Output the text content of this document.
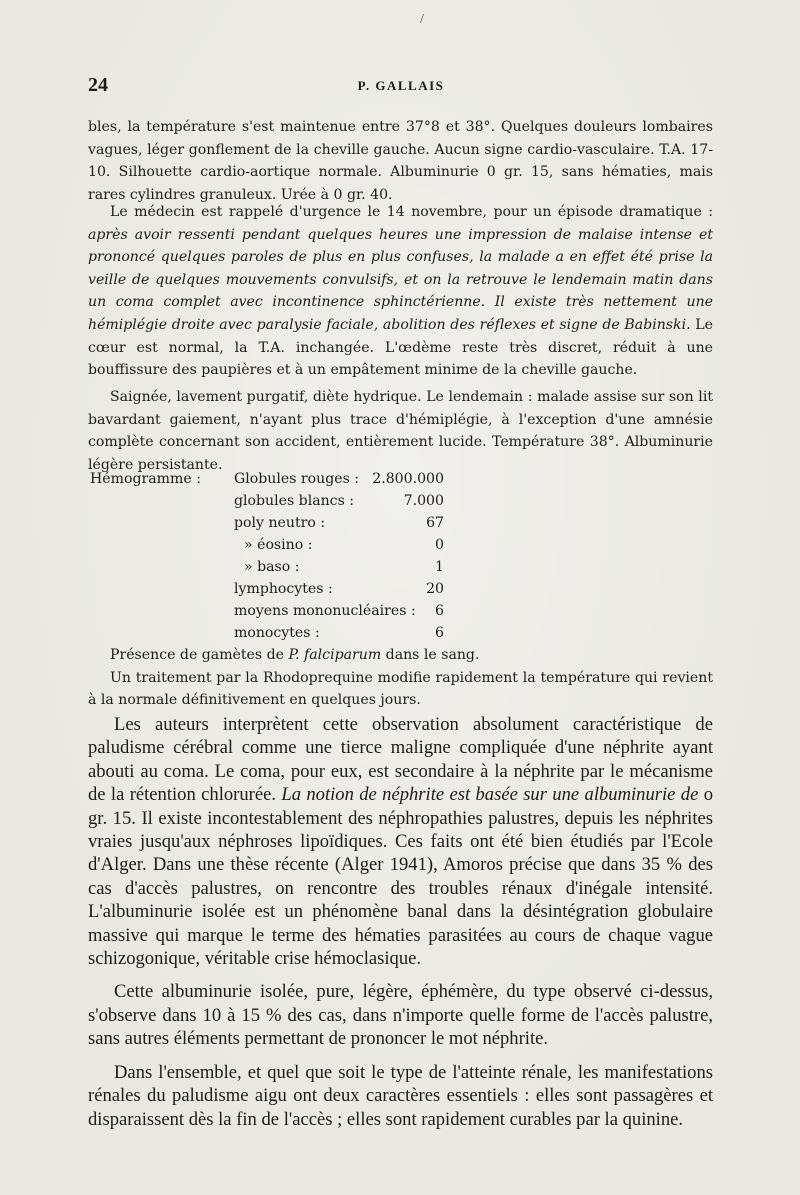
/
24	P. GALLAIS

bles, la température s'est maintenue entre 37°8 et 38°. Quelques douleurs lombaires vagues, léger gonflement de la cheville gauche. Aucun signe cardio-vasculaire. T.A. 17-10. Silhouette cardio-aortique normale. Albuminurie 0 gr. 15, sans hématies, mais rares cylindres granuleux. Urée à 0 gr. 40.

Le médecin est rappelé d'urgence le 14 novembre, pour un épisode dramatique : après avoir ressenti pendant quelques heures une impression de malaise intense et prononcé quelques paroles de plus en plus confuses, la malade a en effet été prise la veille de quelques mouvements convulsifs, et on la retrouve le lendemain matin dans un coma complet avec incontinence sphinctérienne. Il existe très nettement une hémiplégie droite avec paralysie faciale, abolition des réflexes et signe de Babinski. Le cœur est normal, la T.A. inchangée. L'œdème reste très discret, réduit à une bouffissure des paupières et à un empâtement minime de la cheville gauche.

Saignée, lavement purgatif, diète hydrique. Le lendemain : malade assise sur son lit bavardant gaiement, n'ayant plus trace d'hémiplégie, à l'exception d'une amnésie complète concernant son accident, entièrement lucide. Température 38°. Albuminurie légère persistante.

Hémogramme : Globules rouges : 2.800.000
globules blancs :	7.000
poly neutro :	67
» éosino :	0
» baso :	1
lymphocytes :	20
moyens mononucléaires : 6
monocytes :	6

Présence de gamètes de P. falciparum dans le sang.

Un traitement par la Rhodoprequine modifie rapidement la température qui revient à la normale définitivement en quelques jours.

Les auteurs interprètent cette observation absolument caractéristique de paludisme cérébral comme une tierce maligne compliquée d'une néphrite ayant abouti au coma. Le coma, pour eux, est secondaire à la néphrite par le mécanisme de la rétention chlorurée. La notion de néphrite est basée sur une albuminurie de o gr. 15. Il existe incontestablement des néphropathies palustres, depuis les néphrites vraies jusqu'aux néphroses lipoïdiques. Ces faits ont été bien étudiés par l'Ecole d'Alger. Dans une thèse récente (Alger 1941), Amoros précise que dans 35 % des cas d'accès palustres, on rencontre des troubles rénaux d'inégale intensité. L'albuminurie isolée est un phénomène banal dans la désintégration globulaire massive qui marque le terme des hématies parasitées au cours de chaque vague schizogonique, véritable crise hémoclasique.

Cette albuminurie isolée, pure, légère, éphémère, du type observé ci-dessus, s'observe dans 10 à 15 % des cas, dans n'importe quelle forme de l'accès palustre, sans autres éléments permettant de prononcer le mot néphrite.

Dans l'ensemble, et quel que soit le type de l'atteinte rénale, les manifestations rénales du paludisme aigu ont deux caractères essentiels : elles sont passagères et disparaissent dès la fin de l'accès ; elles sont rapidement curables par la quinine.
